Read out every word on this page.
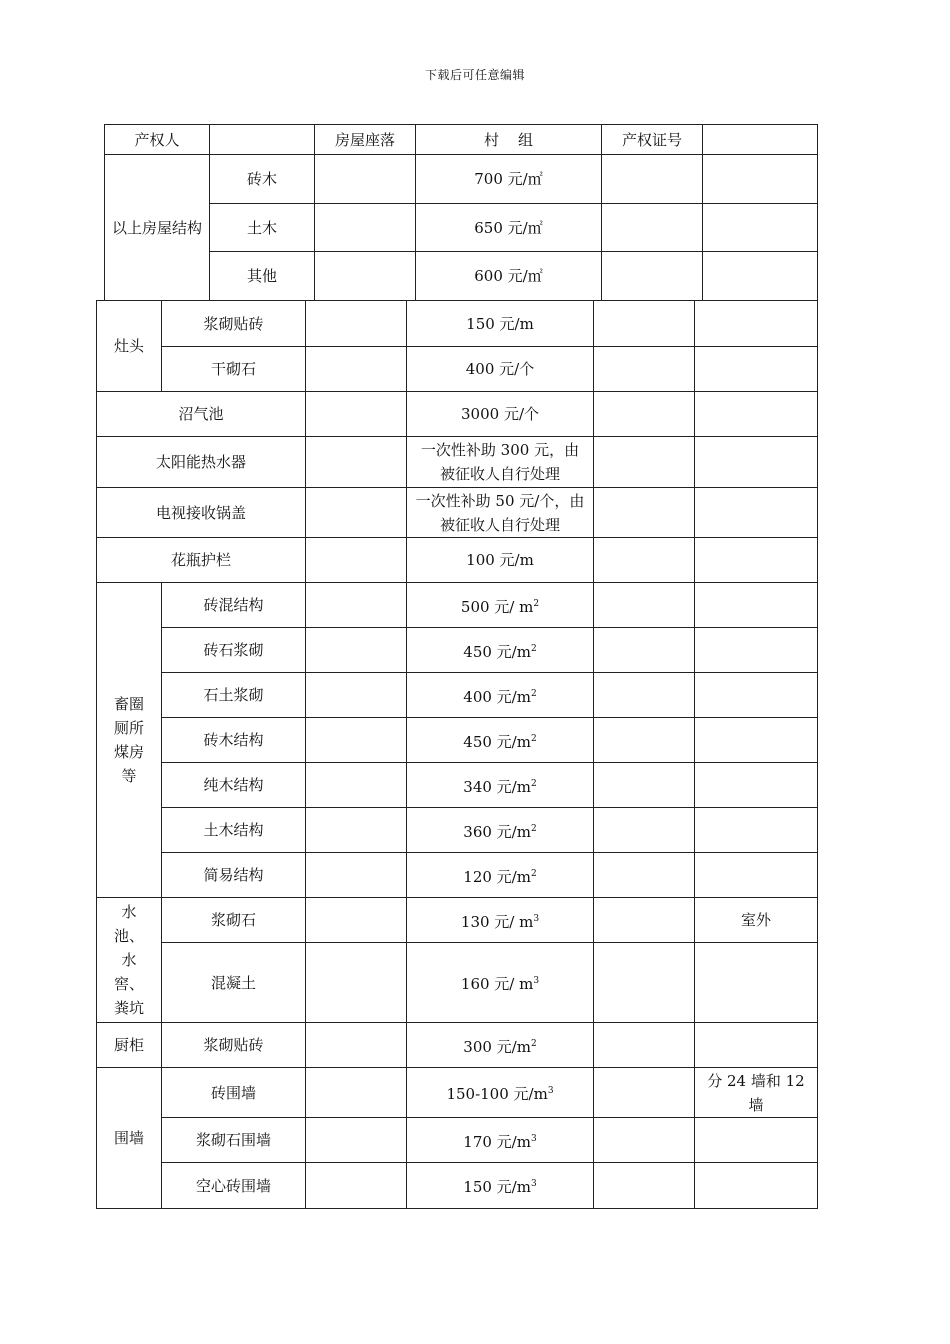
下载后可任意编辑
产权人		房屋座落	村    组	产权证号	
以上房屋结构	砖木		700 元/㎡		
	土木		650 元/㎡		
	其他		600 元/㎡		
灶头	浆砌贴砖		150 元/m		
	干砌石		400 元/个		
沼气池			3000 元/个		
太阳能热水器			一次性补助 300 元，由被征收人自行处理		
电视接收锅盖			一次性补助 50 元/个，由被征收人自行处理		
花瓶护栏			100 元/m		
畜圈厕所煤房等	砖混结构		500 元/ $m^2$		
	砖石浆砌		450 元$/m^2$		
	石土浆砌		400 元$/m^2$		
	砖木结构		450 元$/m^2$		
	纯木结构		340 元$/m^2$		
	土木结构		360 元$/m^2$		
	简易结构		120 元$/m^2$		
水池、水窖、粪坑	浆砌石		130 元/ $m^3$		室外
	混凝土		160 元/ $m^3$		
厨柜	浆砌贴砖		300 元$/m^2$		
围墙	砖围墙		150-100 元$/m^3$		分 24 墙和 12 墙
	浆砌石围墙		170 元$/m^3$		
	空心砖围墙		150 元$/m^3$		
